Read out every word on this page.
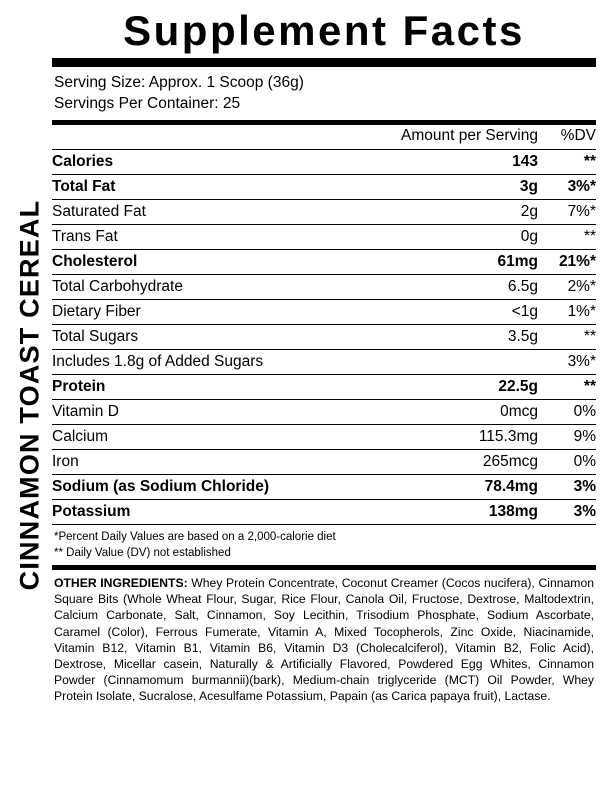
CINNAMON TOAST CEREAL
Supplement Facts
Serving Size: Approx. 1 Scoop (36g)
Servings Per Container: 25
	Amount per Serving	%DV
Calories	143	**
Total Fat	3g	3%*
Saturated Fat	2g	7%*
Trans Fat	0g	**
Cholesterol	61mg	21%*
Total Carbohydrate	6.5g	2%*
Dietary Fiber	<1g	1%*
Total Sugars	3.5g	**
Includes 1.8g of Added Sugars		3%*
Protein	22.5g	**
Vitamin D	0mcg	0%
Calcium	115.3mg	9%
Iron	265mcg	0%
Sodium (as Sodium Chloride)	78.4mg	3%
Potassium	138mg	3%
*Percent Daily Values are based on a 2,000-calorie diet
** Daily Value (DV) not established
OTHER INGREDIENTS: Whey Protein Concentrate, Coconut Creamer (Cocos nucifera), Cinnamon Square Bits (Whole Wheat Flour, Sugar, Rice Flour, Canola Oil, Fructose, Dextrose, Maltodextrin, Calcium Carbonate, Salt, Cinnamon, Soy Lecithin, Trisodium Phosphate, Sodium Ascorbate, Caramel (Color), Ferrous Fumerate, Vitamin A, Mixed Tocopherols, Zinc Oxide, Niacinamide, Vitamin B12, Vitamin B1, Vitamin B6, Vitamin D3 (Cholecalciferol), Vitamin B2, Folic Acid), Dextrose, Micellar casein, Naturally & Artificially Flavored, Powdered Egg Whites, Cinnamon Powder (Cinnamomum burmannii)(bark), Medium-chain triglyceride (MCT) Oil Powder, Whey Protein Isolate, Sucralose, Acesulfame Potassium, Papain (as Carica papaya fruit), Lactase.
